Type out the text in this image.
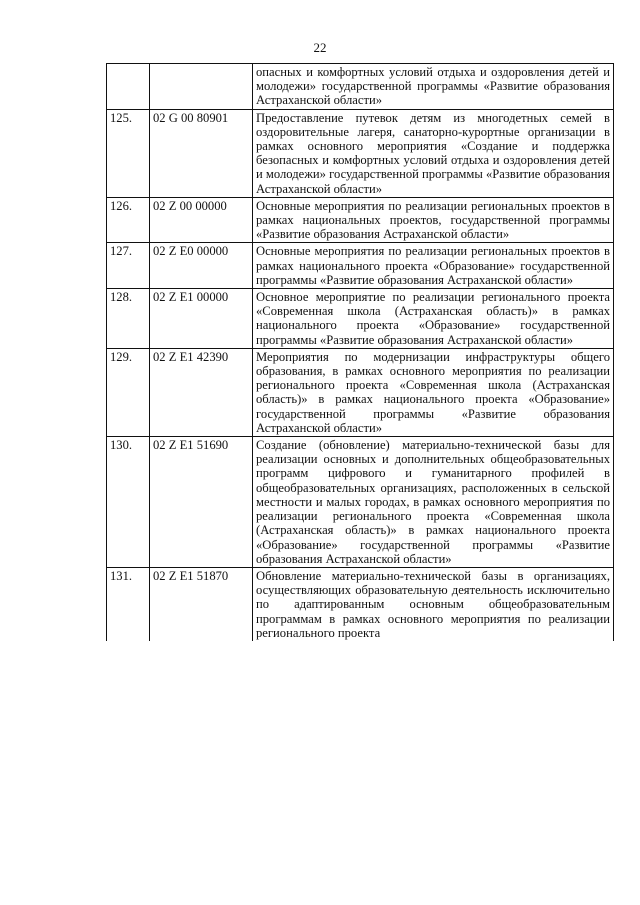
22
		опасных и комфортных условий отдыха и оздоровления детей и молодежи» государственной программы «Развитие образования Астраханской области»
125.	02 G 00 80901	Предоставление путевок детям из многодетных семей в оздоровительные лагеря, санаторно-курортные организации в рамках основного мероприятия «Создание и поддержка безопасных и комфортных условий отдыха и оздоровления детей и молодежи» государственной программы «Развитие образования Астраханской области»
126.	02 Z 00 00000	Основные мероприятия по реализации региональных проектов в рамках национальных проектов, государственной программы «Развитие образования Астраханской области»
127.	02 Z E0 00000	Основные мероприятия по реализации региональных проектов в рамках национального проекта «Образование» государственной программы «Развитие образования Астраханской области»
128.	02 Z E1 00000	Основное мероприятие по реализации регионального проекта «Современная школа (Астраханская область)» в рамках национального проекта «Образование» государственной программы «Развитие образования Астраханской области»
129.	02 Z E1 42390	Мероприятия по модернизации инфраструктуры общего образования, в рамках основного мероприятия по реализации регионального проекта «Современная школа (Астраханская область)» в рамках национального проекта «Образование» государственной программы «Развитие образования Астраханской области»
130.	02 Z E1 51690	Создание (обновление) материально-технической базы для реализации основных и дополнительных общеобразовательных программ цифрового и гуманитарного профилей в общеобразовательных организациях, расположенных в сельской местности и малых городах, в рамках основного мероприятия по реализации регионального проекта «Современная школа (Астраханская область)» в рамках национального проекта «Образование» государственной программы «Развитие образования Астраханской области»
131.	02 Z E1 51870	Обновление материально-технической базы в организациях, осуществляющих образовательную деятельность исключительно по адаптированным основным общеобразовательным программам в рамках основного мероприятия по реализации регионального проекта
